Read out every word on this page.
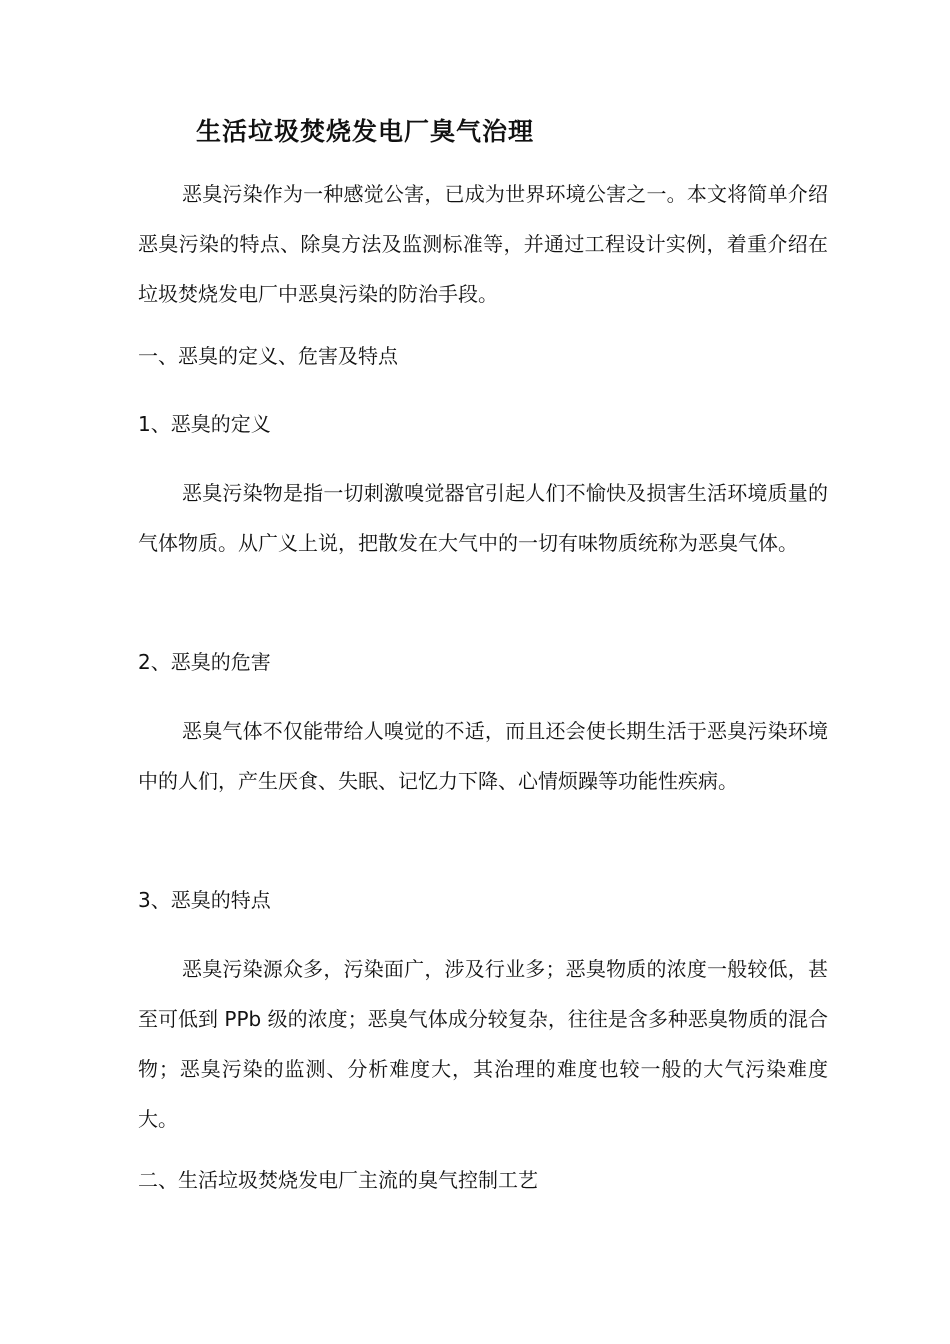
生活垃圾焚烧发电厂臭气治理
恶臭污染作为一种感觉公害，已成为世界环境公害之一。本文将简单介绍恶臭污染的特点、除臭方法及监测标准等，并通过工程设计实例，着重介绍在垃圾焚烧发电厂中恶臭污染的防治手段。
一、恶臭的定义、危害及特点
1、恶臭的定义
恶臭污染物是指一切刺激嗅觉器官引起人们不愉快及损害生活环境质量的气体物质。从广义上说，把散发在大气中的一切有味物质统称为恶臭气体。
2、恶臭的危害
恶臭气体不仅能带给人嗅觉的不适，而且还会使长期生活于恶臭污染环境中的人们，产生厌食、失眠、记忆力下降、心情烦躁等功能性疾病。
3、恶臭的特点
恶臭污染源众多，污染面广，涉及行业多；恶臭物质的浓度一般较低，甚至可低到 PPb 级的浓度；恶臭气体成分较复杂，往往是含多种恶臭物质的混合物；恶臭污染的监测、分析难度大，其治理的难度也较一般的大气污染难度大。
二、生活垃圾焚烧发电厂主流的臭气控制工艺
